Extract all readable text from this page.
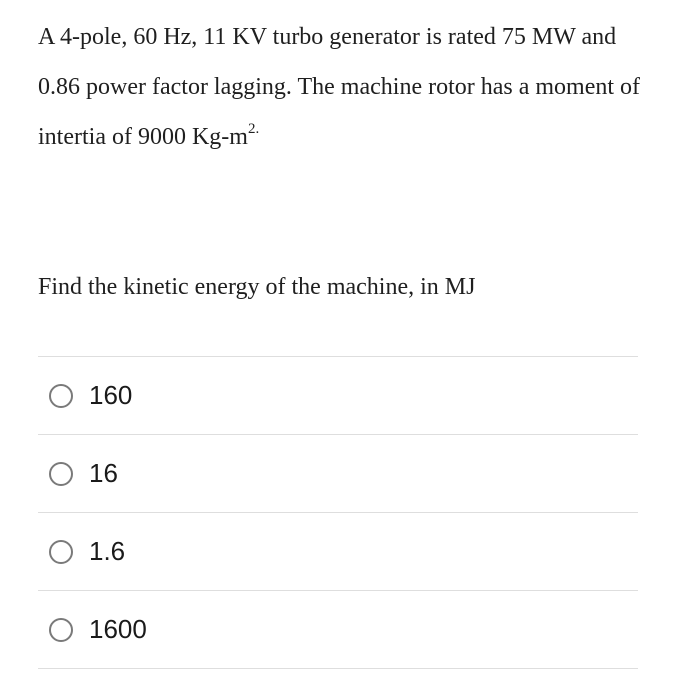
A 4-pole, 60 Hz, 11 KV turbo generator is rated 75 MW and 0.86 power factor lagging. The machine rotor has a moment of intertia of 9000 $Kg-m^{2.}$
Find the kinetic energy of the machine, in MJ
160
16
1.6
1600
